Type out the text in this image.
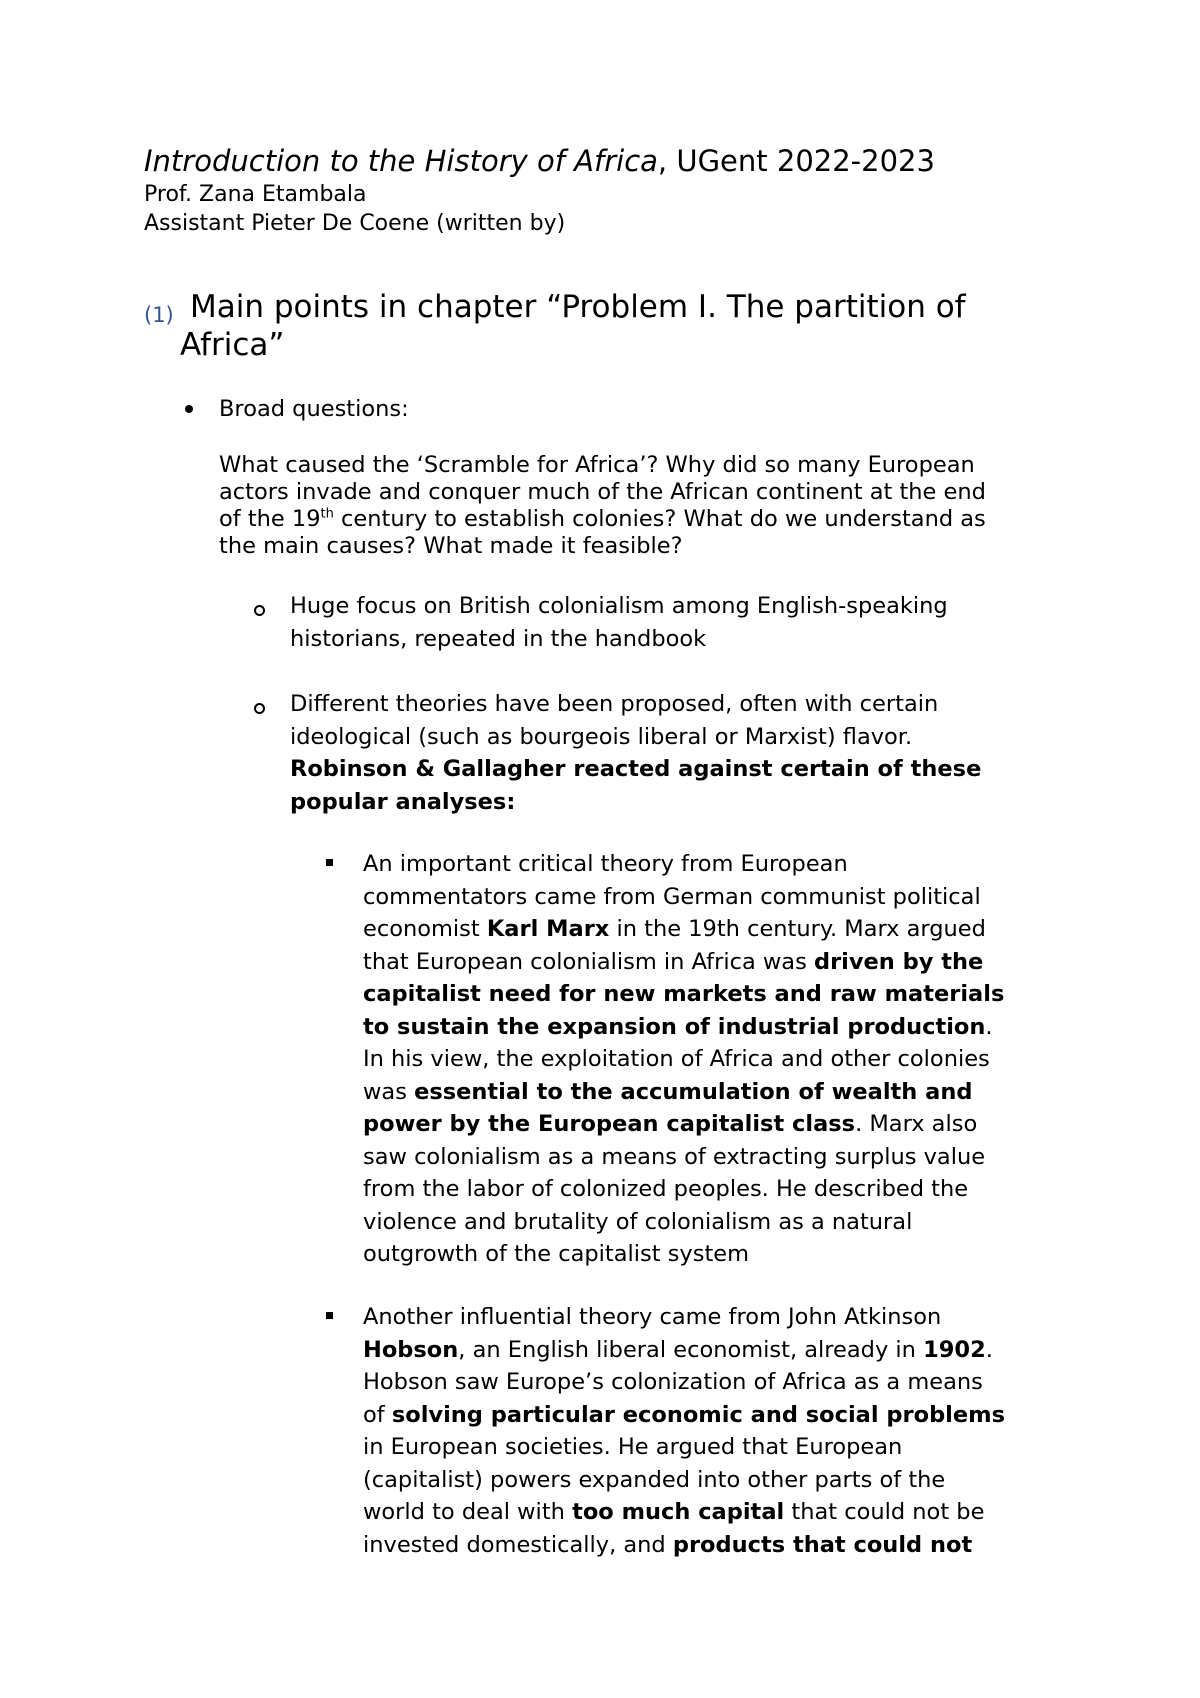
Introduction to the History of Africa, UGent 2022-2023
Prof. Zana Etambala
Assistant Pieter De Coene (written by)
(1) Main points in chapter “Problem I. The partition of
Africa”
Broad questions:
What caused the ‘Scramble for Africa’? Why did so many European
actors invade and conquer much of the African continent at the end
of the 19th century to establish colonies? What do we understand as
the main causes? What made it feasible?
Huge focus on British colonialism among English-speaking
historians, repeated in the handbook
Different theories have been proposed, often with certain
ideological (such as bourgeois liberal or Marxist) flavor.
Robinson & Gallagher reacted against certain of these
popular analyses:
An important critical theory from European
commentators came from German communist political
economist Karl Marx in the 19th century. Marx argued
that European colonialism in Africa was driven by the
capitalist need for new markets and raw materials
to sustain the expansion of industrial production.
In his view, the exploitation of Africa and other colonies
was essential to the accumulation of wealth and
power by the European capitalist class. Marx also
saw colonialism as a means of extracting surplus value
from the labor of colonized peoples. He described the
violence and brutality of colonialism as a natural
outgrowth of the capitalist system
Another influential theory came from John Atkinson
Hobson, an English liberal economist, already in 1902.
Hobson saw Europe’s colonization of Africa as a means
of solving particular economic and social problems
in European societies. He argued that European
(capitalist) powers expanded into other parts of the
world to deal with too much capital that could not be
invested domestically, and products that could not
